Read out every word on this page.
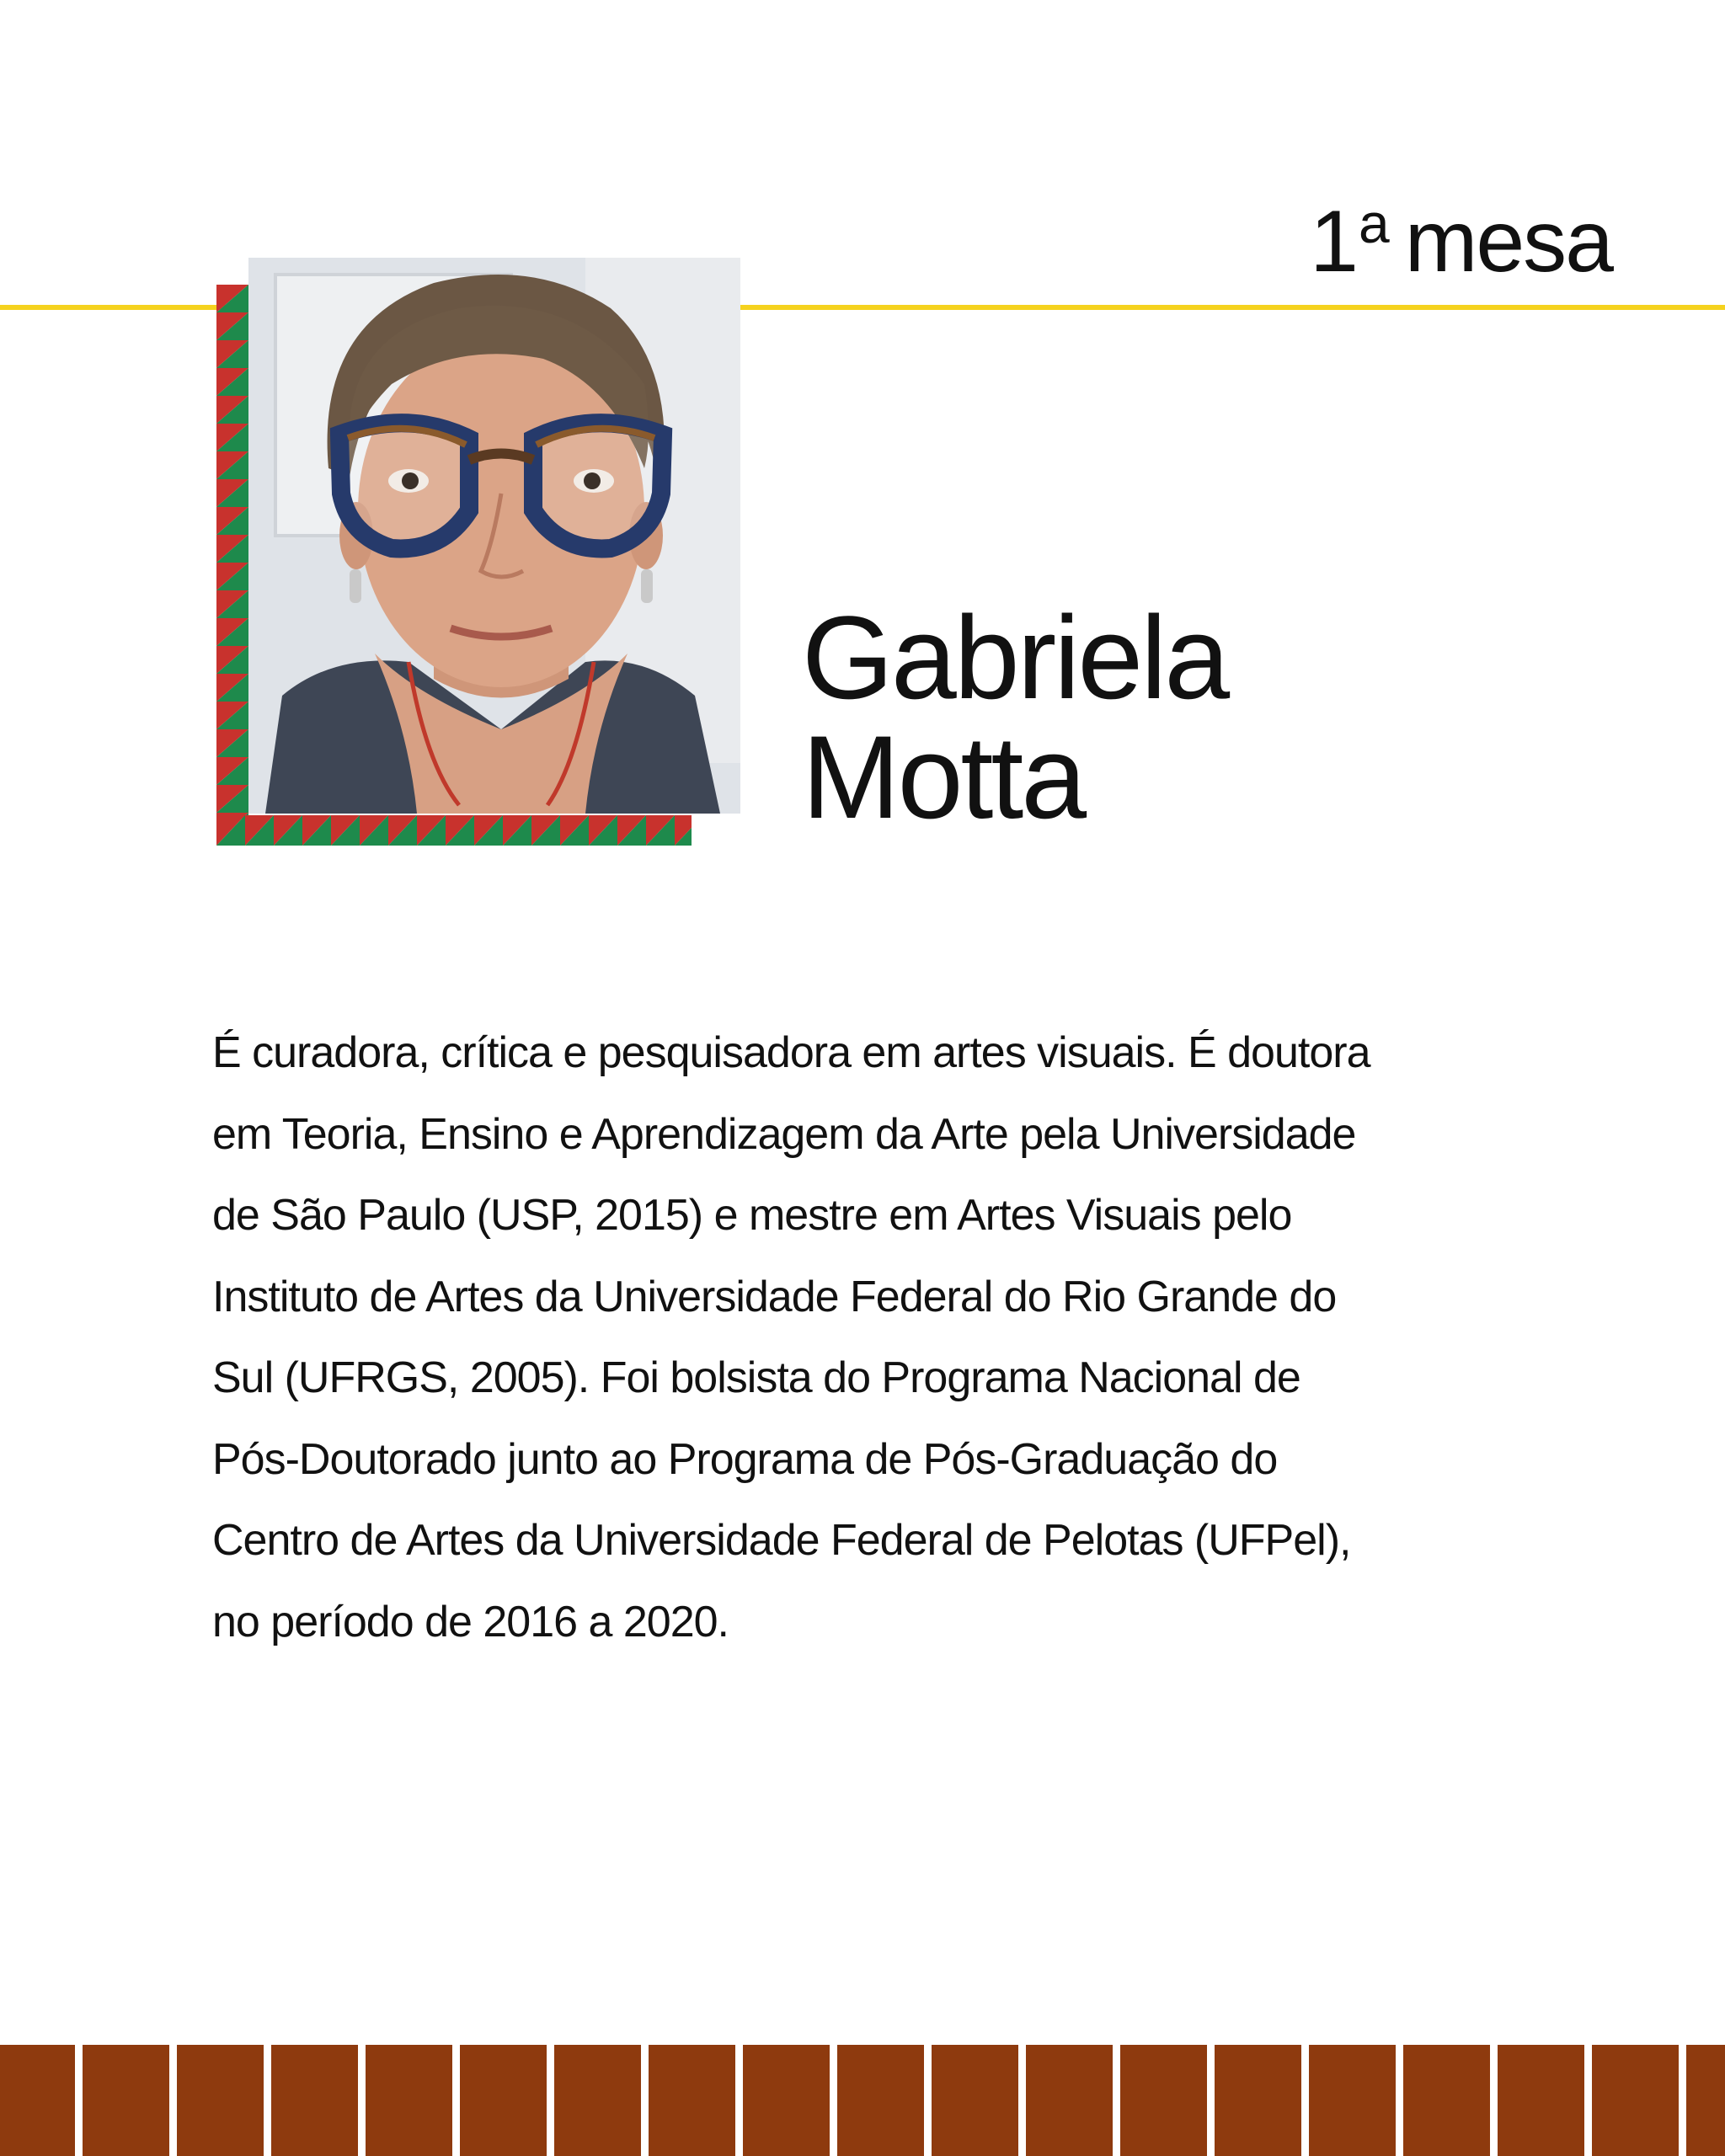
1$^a$ mesa
Gabriela
Motta
É curadora, crítica e pesquisadora em artes visuais. É doutora
em Teoria, Ensino e Aprendizagem da Arte pela Universidade
de São Paulo (USP, 2015) e mestre em Artes Visuais pelo
Instituto de Artes da Universidade Federal do Rio Grande do
Sul (UFRGS, 2005). Foi bolsista do Programa Nacional de
Pós-Doutorado junto ao Programa de Pós-Graduação do
Centro de Artes da Universidade Federal de Pelotas (UFPel),
no período de 2016 a 2020.
